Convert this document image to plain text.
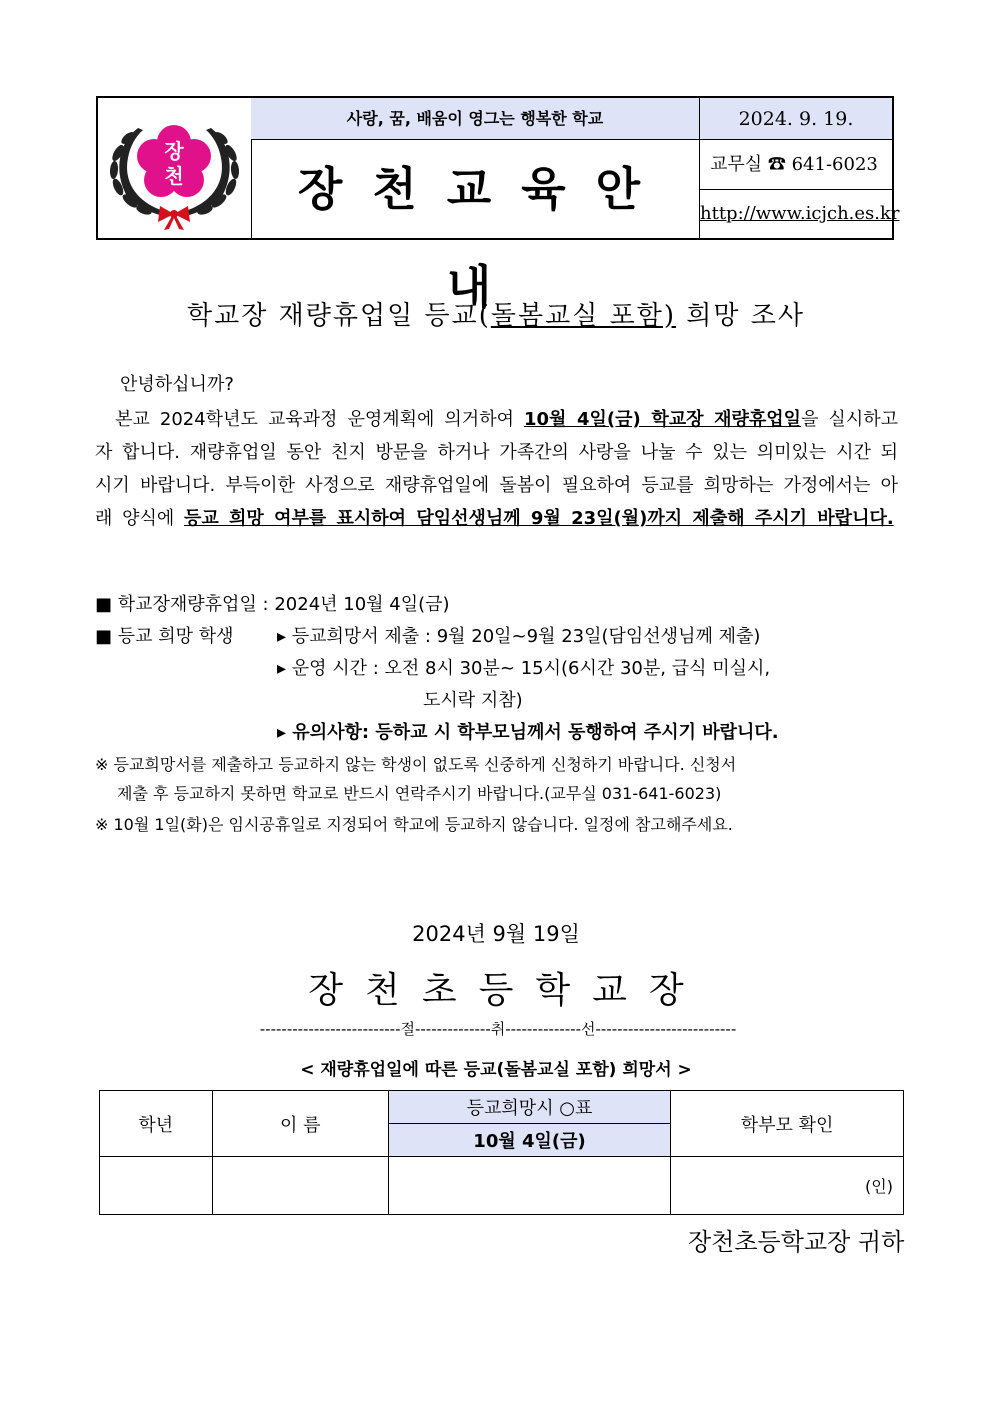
장
천
사랑, 꿈, 배움이 영그는 행복한 학교
장천교육안내
2024. 9. 19.
교무실 ☎ 641-6023
http://www.icjch.es.kr
학교장 재량휴업일 등교(돌봄교실 포함) 희망 조사
안녕하십니까?
본교 2024학년도 교육과정 운영계획에 의거하여 10월 4일(금) 학교장 재량휴업일을 실시하고자 합니다. 재량휴업일 동안 친지 방문을 하거나 가족간의 사랑을 나눌 수 있는 의미있는 시간 되시기 바랍니다. 부득이한 사정으로 재량휴업일에 돌봄이 필요하여 등교를 희망하는 가정에서는 아래 양식에 등교 희망 여부를 표시하여 담임선생님께 9월 23일(월)까지 제출해 주시기 바랍니다.
■ 학교장재량휴업일 : 2024년 10월 4일(금)
■ 등교 희망 학생 ▸ 등교희망서 제출 : 9월 20일~9월 23일(담임선생님께 제출)
▸ 운영 시간 : 오전 8시 30분~ 15시(6시간 30분, 급식 미실시,
도시락 지참)
▸ 유의사항: 등하교 시 학부모님께서 동행하여 주시기 바랍니다.
※ 등교희망서를 제출하고 등교하지 않는 학생이 없도록 신중하게 신청하기 바랍니다. 신청서
제출 후 등교하지 못하면 학교로 반드시 연락주시기 바랍니다.(교무실 031-641-6023)
※ 10월 1일(화)은 임시공휴일로 지정되어 학교에 등교하지 않습니다. 일정에 참고해주세요.
2024년 9월 19일
장천초등학교장
--------------------------절--------------취--------------선--------------------------
< 재량휴업일에 따른 등교(돌봄교실 포함) 희망서 >
학년	이 름	등교희망시 ○표	학부모 확인
		10월 4일(금)	
			(인)
장천초등학교장 귀하
